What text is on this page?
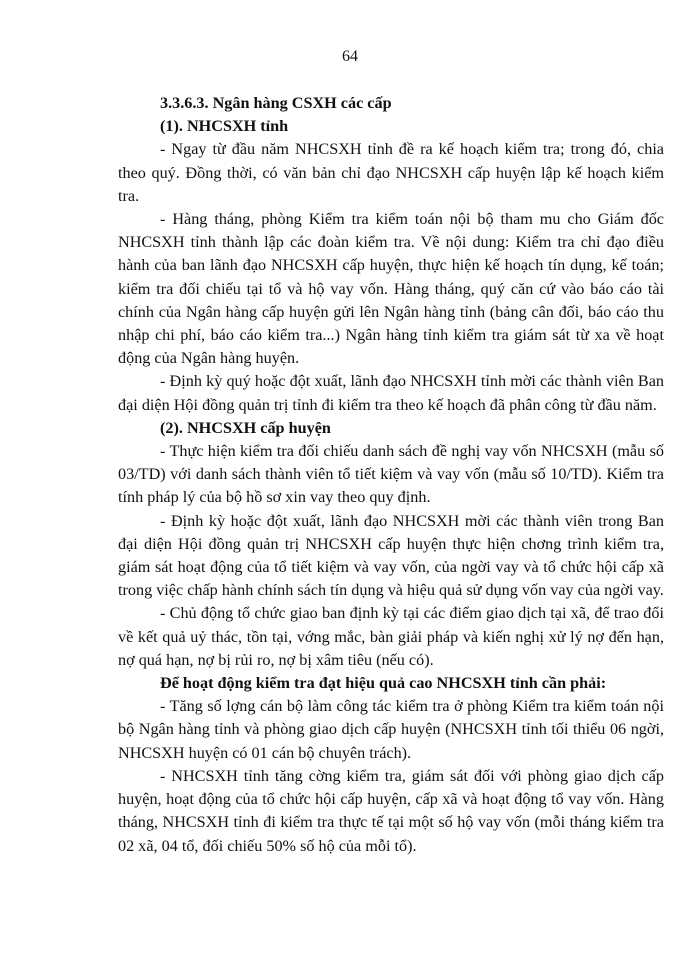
64

3.3.6.3. Ngân hàng CSXH các cấp

(1). NHCSXH tỉnh

- Ngay từ đầu năm NHCSXH tỉnh đề ra kế hoạch kiểm tra; trong đó, chia theo quý. Đồng thời, có văn bản chỉ đạo NHCSXH cấp huyện lập kế hoạch kiểm tra.

- Hàng tháng, phòng Kiểm tra kiểm toán nội bộ tham mu cho Giám đốc NHCSXH tỉnh thành lập các đoàn kiểm tra. Về nội dung: Kiểm tra chỉ đạo điều hành của ban lãnh đạo NHCSXH cấp huyện, thực hiện kế hoạch tín dụng, kế toán; kiểm tra đối chiếu tại tổ và hộ vay vốn. Hàng tháng, quý căn cứ vào báo cáo tài chính của Ngân hàng cấp huyện gửi lên Ngân hàng tỉnh (bảng cân đối, báo cáo thu nhập chi phí, báo cáo kiểm tra...) Ngân hàng tỉnh kiểm tra giám sát từ xa về hoạt động của Ngân hàng huyện.

- Định kỳ quý hoặc đột xuất, lãnh đạo NHCSXH tỉnh mời các thành viên Ban đại diện Hội đồng quản trị tỉnh đi kiểm tra theo kế hoạch đã phân công từ đầu năm.

(2). NHCSXH cấp huyện

- Thực hiện kiểm tra đối chiếu danh sách đề nghị vay vốn NHCSXH (mẫu số 03/TD) với danh sách thành viên tổ tiết kiệm và vay vốn (mẫu số 10/TD). Kiểm tra tính pháp lý của bộ hồ sơ xin vay theo quy định.

- Định kỳ hoặc đột xuất, lãnh đạo NHCSXH mời các thành viên trong Ban đại diện Hội đồng quản trị NHCSXH cấp huyện thực hiện chơng trình kiểm tra, giám sát hoạt động của tổ tiết kiệm và vay vốn, của ngời vay và tổ chức hội cấp xã trong việc chấp hành chính sách tín dụng và hiệu quả sử dụng vốn vay của ngời vay.

- Chủ động tổ chức giao ban định kỳ tại các điểm giao dịch tại xã, để trao đổi về kết quả uỷ thác, tồn tại, vớng mắc, bàn giải pháp và kiến nghị xử lý nợ đến hạn, nợ quá hạn, nợ bị rủi ro, nợ bị xâm tiêu (nếu có).

Để hoạt động kiểm tra đạt hiệu quả cao NHCSXH tỉnh cần phải:

- Tăng số lợng cán bộ làm công tác kiểm tra ở phòng Kiểm tra kiểm toán nội bộ Ngân hàng tỉnh và phòng giao dịch cấp huyện (NHCSXH tỉnh tối thiểu 06 ngời, NHCSXH huyện có 01 cán bộ chuyên trách).

- NHCSXH tỉnh tăng cờng kiểm tra, giám sát đối với phòng giao dịch cấp huyện, hoạt động của tổ chức hội cấp huyện, cấp xã và hoạt động tổ vay vốn. Hàng tháng, NHCSXH tỉnh đi kiểm tra thực tế tại một số hộ vay vốn (mỗi tháng kiểm tra 02 xã, 04 tổ, đối chiếu 50% số hộ của mỗi tổ).
